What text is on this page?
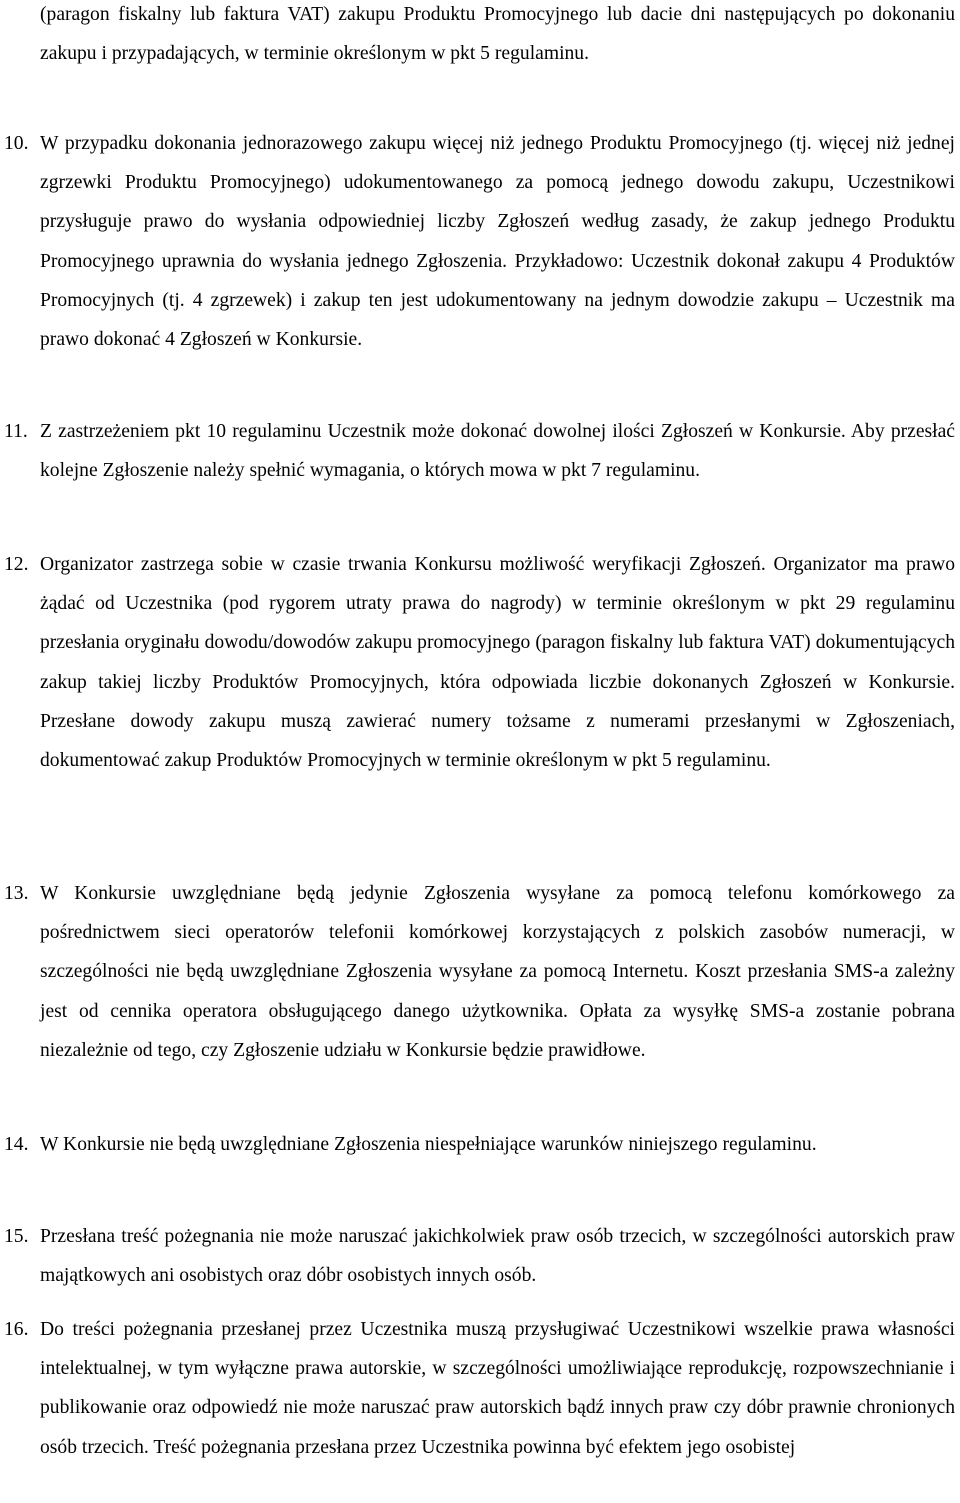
(paragon fiskalny lub faktura VAT) zakupu Produktu Promocyjnego lub dacie dni następujących po dokonaniu zakupu i przypadających, w terminie określonym w pkt 5 regulaminu.
10. W przypadku dokonania jednorazowego zakupu więcej niż jednego Produktu Promocyjnego (tj. więcej niż jednej zgrzewki Produktu Promocyjnego) udokumentowanego za pomocą jednego dowodu zakupu, Uczestnikowi przysługuje prawo do wysłania odpowiedniej liczby Zgłoszeń według zasady, że zakup jednego Produktu Promocyjnego uprawnia do wysłania jednego Zgłoszenia. Przykładowo: Uczestnik dokonał zakupu 4 Produktów Promocyjnych (tj. 4 zgrzewek) i zakup ten jest udokumentowany na jednym dowodzie zakupu – Uczestnik ma prawo dokonać 4 Zgłoszeń w Konkursie.
11. Z zastrzeżeniem pkt 10 regulaminu Uczestnik może dokonać dowolnej ilości Zgłoszeń w Konkursie. Aby przesłać kolejne Zgłoszenie należy spełnić wymagania, o których mowa w pkt 7 regulaminu.
12. Organizator zastrzega sobie w czasie trwania Konkursu możliwość weryfikacji Zgłoszeń. Organizator ma prawo żądać od Uczestnika (pod rygorem utraty prawa do nagrody) w terminie określonym w pkt 29 regulaminu przesłania oryginału dowodu/dowodów zakupu promocyjnego (paragon fiskalny lub faktura VAT) dokumentujących zakup takiej liczby Produktów Promocyjnych, która odpowiada liczbie dokonanych Zgłoszeń w Konkursie. Przesłane dowody zakupu muszą zawierać numery tożsame z numerami przesłanymi w Zgłoszeniach, dokumentować zakup Produktów Promocyjnych w terminie określonym w pkt 5 regulaminu.
13. W Konkursie uwzględniane będą jedynie Zgłoszenia wysyłane za pomocą telefonu komórkowego za pośrednictwem sieci operatorów telefonii komórkowej korzystających z polskich zasobów numeracji, w szczególności nie będą uwzględniane Zgłoszenia wysyłane za pomocą Internetu. Koszt przesłania SMS-a zależny jest od cennika operatora obsługującego danego użytkownika. Opłata za wysyłkę SMS-a zostanie pobrana niezależnie od tego, czy Zgłoszenie udziału w Konkursie będzie prawidłowe.
14. W Konkursie nie będą uwzględniane Zgłoszenia niespełniające warunków niniejszego regulaminu.
15. Przesłana treść pożegnania nie może naruszać jakichkolwiek praw osób trzecich, w szczególności autorskich praw majątkowych ani osobistych oraz dóbr osobistych innych osób.
16. Do treści pożegnania przesłanej przez Uczestnika muszą przysługiwać Uczestnikowi wszelkie prawa własności intelektualnej, w tym wyłączne prawa autorskie, w szczególności umożliwiające reprodukcję, rozpowszechnianie i publikowanie oraz odpowiedź nie może naruszać praw autorskich bądź innych praw czy dóbr prawnie chronionych osób trzecich. Treść pożegnania przesłana przez Uczestnika powinna być efektem jego osobistej
